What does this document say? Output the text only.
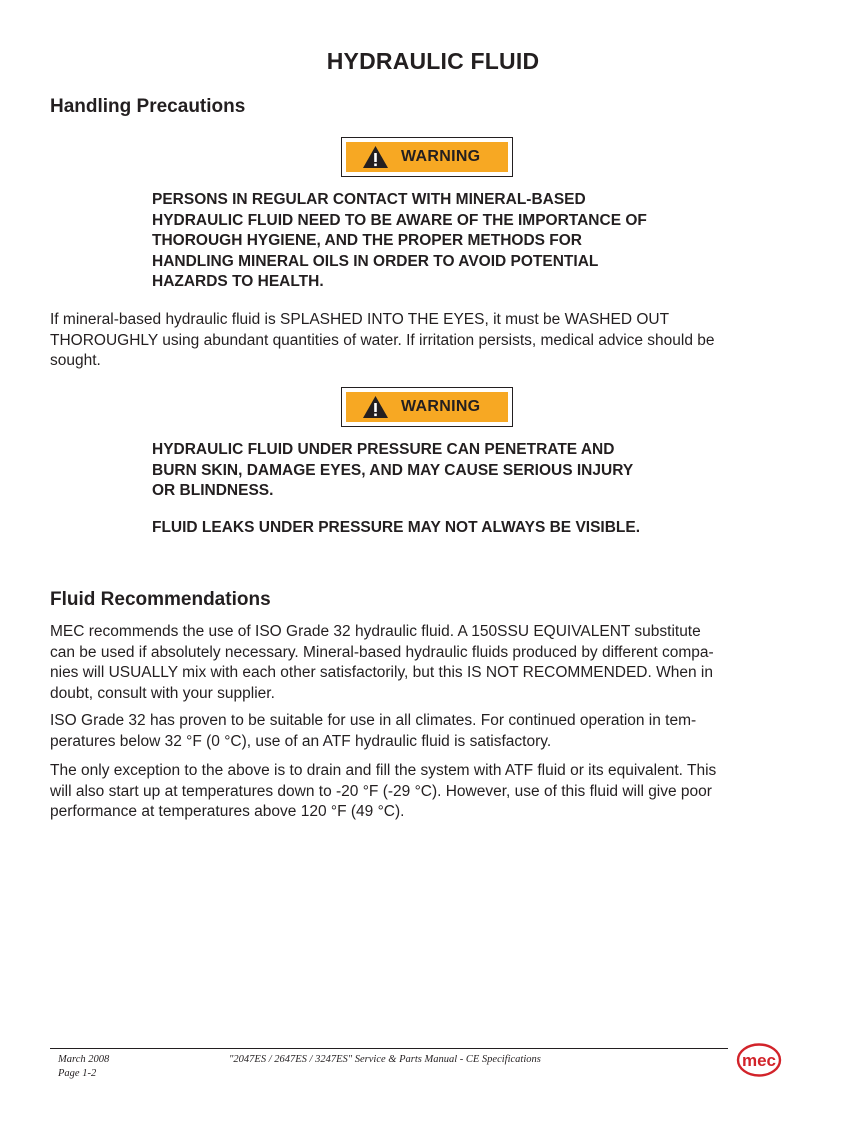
HYDRAULIC FLUID
Handling Precautions
WARNING

PERSONS IN REGULAR CONTACT WITH MINERAL-BASED
HYDRAULIC FLUID NEED TO BE AWARE OF THE IMPORTANCE OF
THOROUGH HYGIENE, AND THE PROPER METHODS FOR
HANDLING MINERAL OILS IN ORDER TO AVOID POTENTIAL
HAZARDS TO HEALTH.

If mineral-based hydraulic fluid is SPLASHED INTO THE EYES, it must be WASHED OUT
THOROUGHLY using abundant quantities of water. If irritation persists, medical advice should be
sought.

WARNING

HYDRAULIC FLUID UNDER PRESSURE CAN PENETRATE AND
BURN SKIN, DAMAGE EYES, AND MAY CAUSE SERIOUS INJURY
OR BLINDNESS.

FLUID LEAKS UNDER PRESSURE MAY NOT ALWAYS BE VISIBLE.

Fluid Recommendations

MEC recommends the use of ISO Grade 32 hydraulic fluid. A 150SSU EQUIVALENT substitute
can be used if absolutely necessary. Mineral-based hydraulic fluids produced by different compa-
nies will USUALLY mix with each other satisfactorily, but this IS NOT RECOMMENDED. When in
doubt, consult with your supplier.

ISO Grade 32 has proven to be suitable for use in all climates. For continued operation in tem-
peratures below 32 °F (0 °C), use of an ATF hydraulic fluid is satisfactory.

The only exception to the above is to drain and fill the system with ATF fluid or its equivalent. This
will also start up at temperatures down to -20 °F (-29 °C). However, use of this fluid will give poor
performance at temperatures above 120 °F (49 °C).

March 2008
Page 1-2
"2047ES / 2647ES / 3247ES" Service & Parts Manual - CE Specifications	mec
